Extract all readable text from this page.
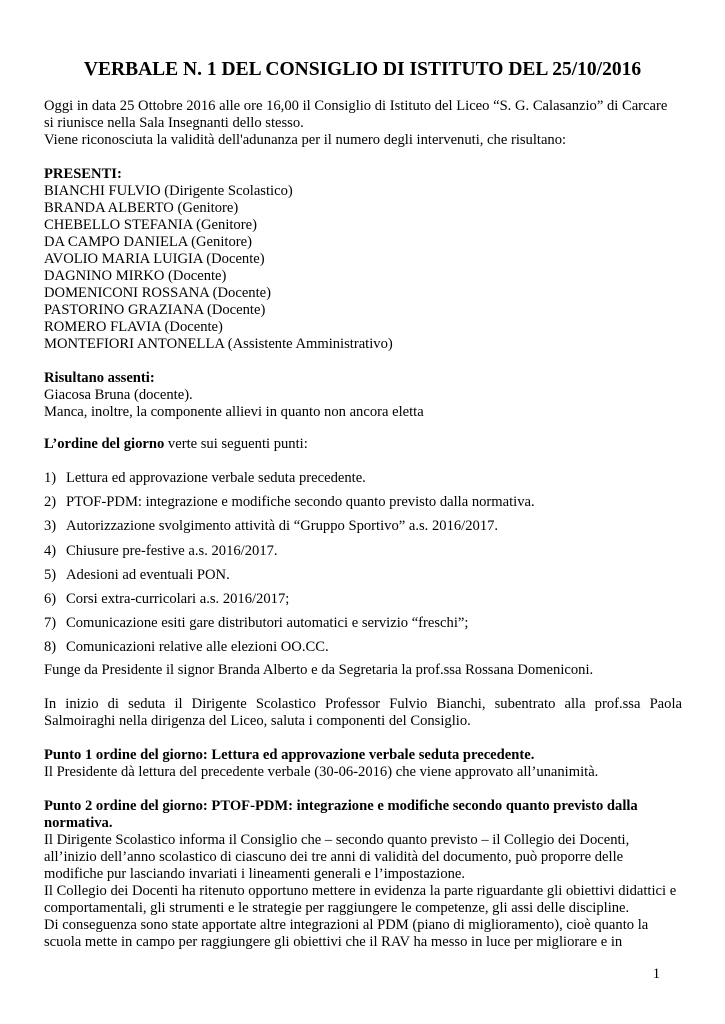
VERBALE N. 1 DEL CONSIGLIO DI ISTITUTO DEL 25/10/2016
Oggi in data 25 Ottobre 2016 alle ore 16,00 il Consiglio di Istituto del Liceo “S. G. Calasanzio” di Carcare
si riunisce nella Sala Insegnanti dello stesso.
Viene riconosciuta la validità dell'adunanza per il numero degli intervenuti, che risultano:
PRESENTI:
BIANCHI FULVIO (Dirigente Scolastico)
BRANDA ALBERTO (Genitore)
CHEBELLO STEFANIA (Genitore)
DA CAMPO DANIELA (Genitore)
AVOLIO MARIA LUIGIA (Docente)
DAGNINO MIRKO (Docente)
DOMENICONI ROSSANA (Docente)
PASTORINO GRAZIANA (Docente)
ROMERO FLAVIA (Docente)
MONTEFIORI ANTONELLA (Assistente Amministrativo)
Risultano assenti:
Giacosa Bruna (docente).
Manca, inoltre, la componente allievi in quanto non ancora eletta
L’ordine del giorno verte sui seguenti punti:
1) Lettura ed approvazione verbale seduta precedente.
2) PTOF-PDM: integrazione e modifiche secondo quanto previsto dalla normativa.
3) Autorizzazione svolgimento attività di “Gruppo Sportivo” a.s. 2016/2017.
4) Chiusure pre-festive a.s. 2016/2017.
5) Adesioni ad eventuali PON.
6) Corsi extra-curricolari a.s. 2016/2017;
7) Comunicazione esiti gare distributori automatici e servizio “freschi”;
8) Comunicazioni relative alle elezioni OO.CC.
Funge da Presidente il signor Branda Alberto e da Segretaria la prof.ssa Rossana Domeniconi.
In inizio di seduta il Dirigente Scolastico Professor Fulvio Bianchi, subentrato alla prof.ssa Paola
Salmoiraghi nella dirigenza del Liceo, saluta i componenti del Consiglio.
Punto 1 ordine del giorno: Lettura ed approvazione verbale seduta precedente.
Il Presidente dà lettura del precedente verbale (30-06-2016) che viene approvato all’unanimità.
Punto 2 ordine del giorno: PTOF-PDM: integrazione e modifiche secondo quanto previsto dalla
normativa.
Il Dirigente Scolastico informa il Consiglio che – secondo quanto previsto – il Collegio dei Docenti,
all’inizio dell’anno scolastico di ciascuno dei tre anni di validità del documento, può proporre delle
modifiche pur lasciando invariati i lineamenti generali e l’impostazione.
Il Collegio dei Docenti ha ritenuto opportuno mettere in evidenza la parte riguardante gli obiettivi didattici e
comportamentali, gli strumenti e le strategie per raggiungere le competenze, gli assi delle discipline.
Di conseguenza sono state apportate altre integrazioni al PDM (piano di miglioramento), cioè quanto la
scuola mette in campo per raggiungere gli obiettivi che il RAV ha messo in luce per migliorare e in
1
